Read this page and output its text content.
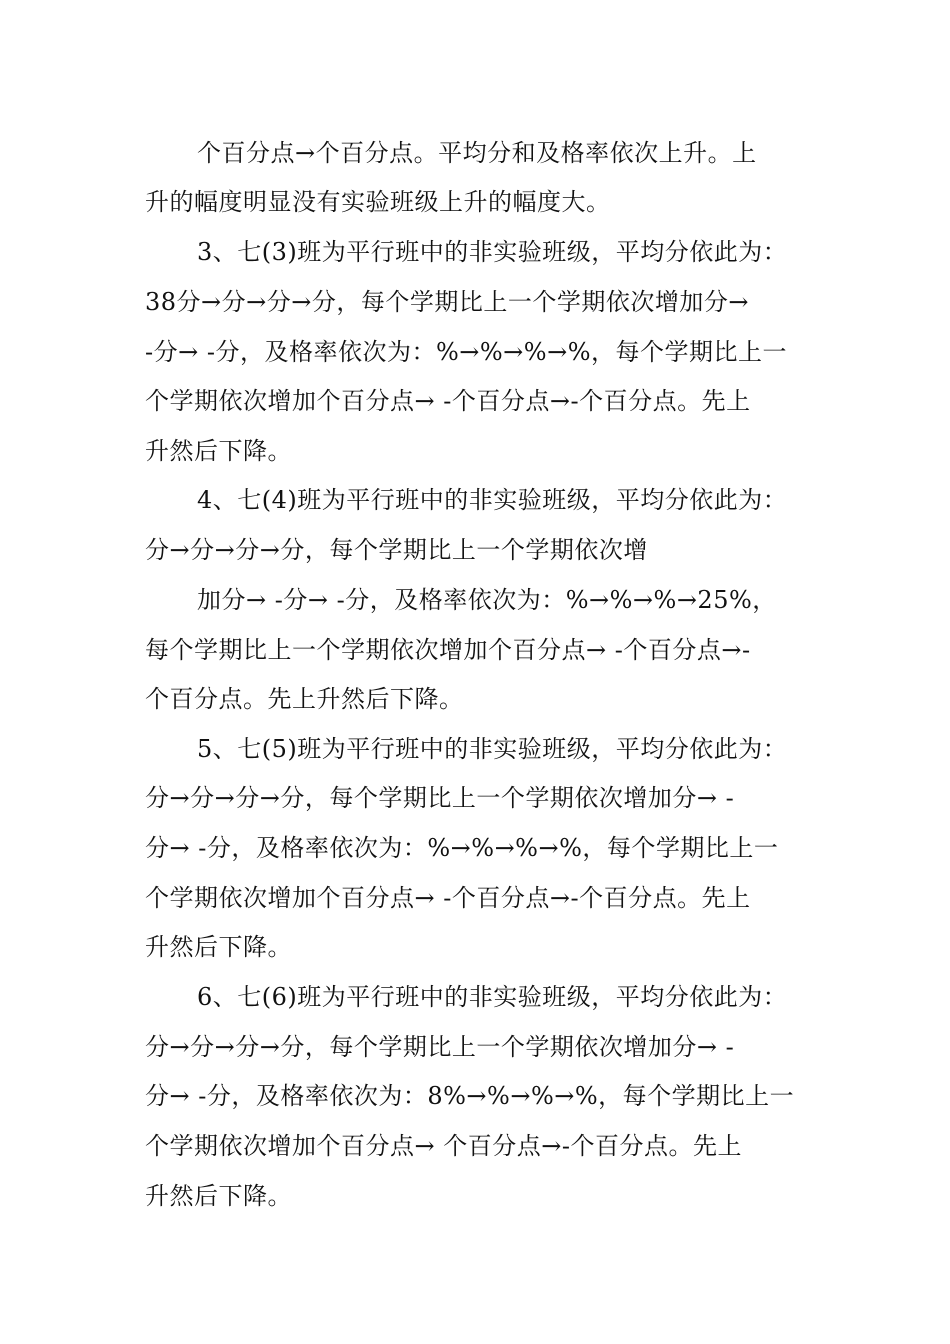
个百分点→个百分点。平均分和及格率依次上升。上
升的幅度明显没有实验班级上升的幅度大。
3、七(3)班为平行班中的非实验班级，平均分依此为：
38分→分→分→分，每个学期比上一个学期依次增加分→
-分→ -分，及格率依次为：%→%→%→%，每个学期比上一
个学期依次增加个百分点→ -个百分点→-个百分点。先上
升然后下降。
4、七(4)班为平行班中的非实验班级，平均分依此为：
分→分→分→分，每个学期比上一个学期依次增
加分→ -分→ -分，及格率依次为：%→%→%→25%，
每个学期比上一个学期依次增加个百分点→ -个百分点→-
个百分点。先上升然后下降。
5、七(5)班为平行班中的非实验班级，平均分依此为：
分→分→分→分，每个学期比上一个学期依次增加分→ -
分→ -分，及格率依次为：%→%→%→%，每个学期比上一
个学期依次增加个百分点→ -个百分点→-个百分点。先上
升然后下降。
6、七(6)班为平行班中的非实验班级，平均分依此为：
分→分→分→分，每个学期比上一个学期依次增加分→ -
分→ -分，及格率依次为：8%→%→%→%，每个学期比上一
个学期依次增加个百分点→ 个百分点→-个百分点。先上
升然后下降。
